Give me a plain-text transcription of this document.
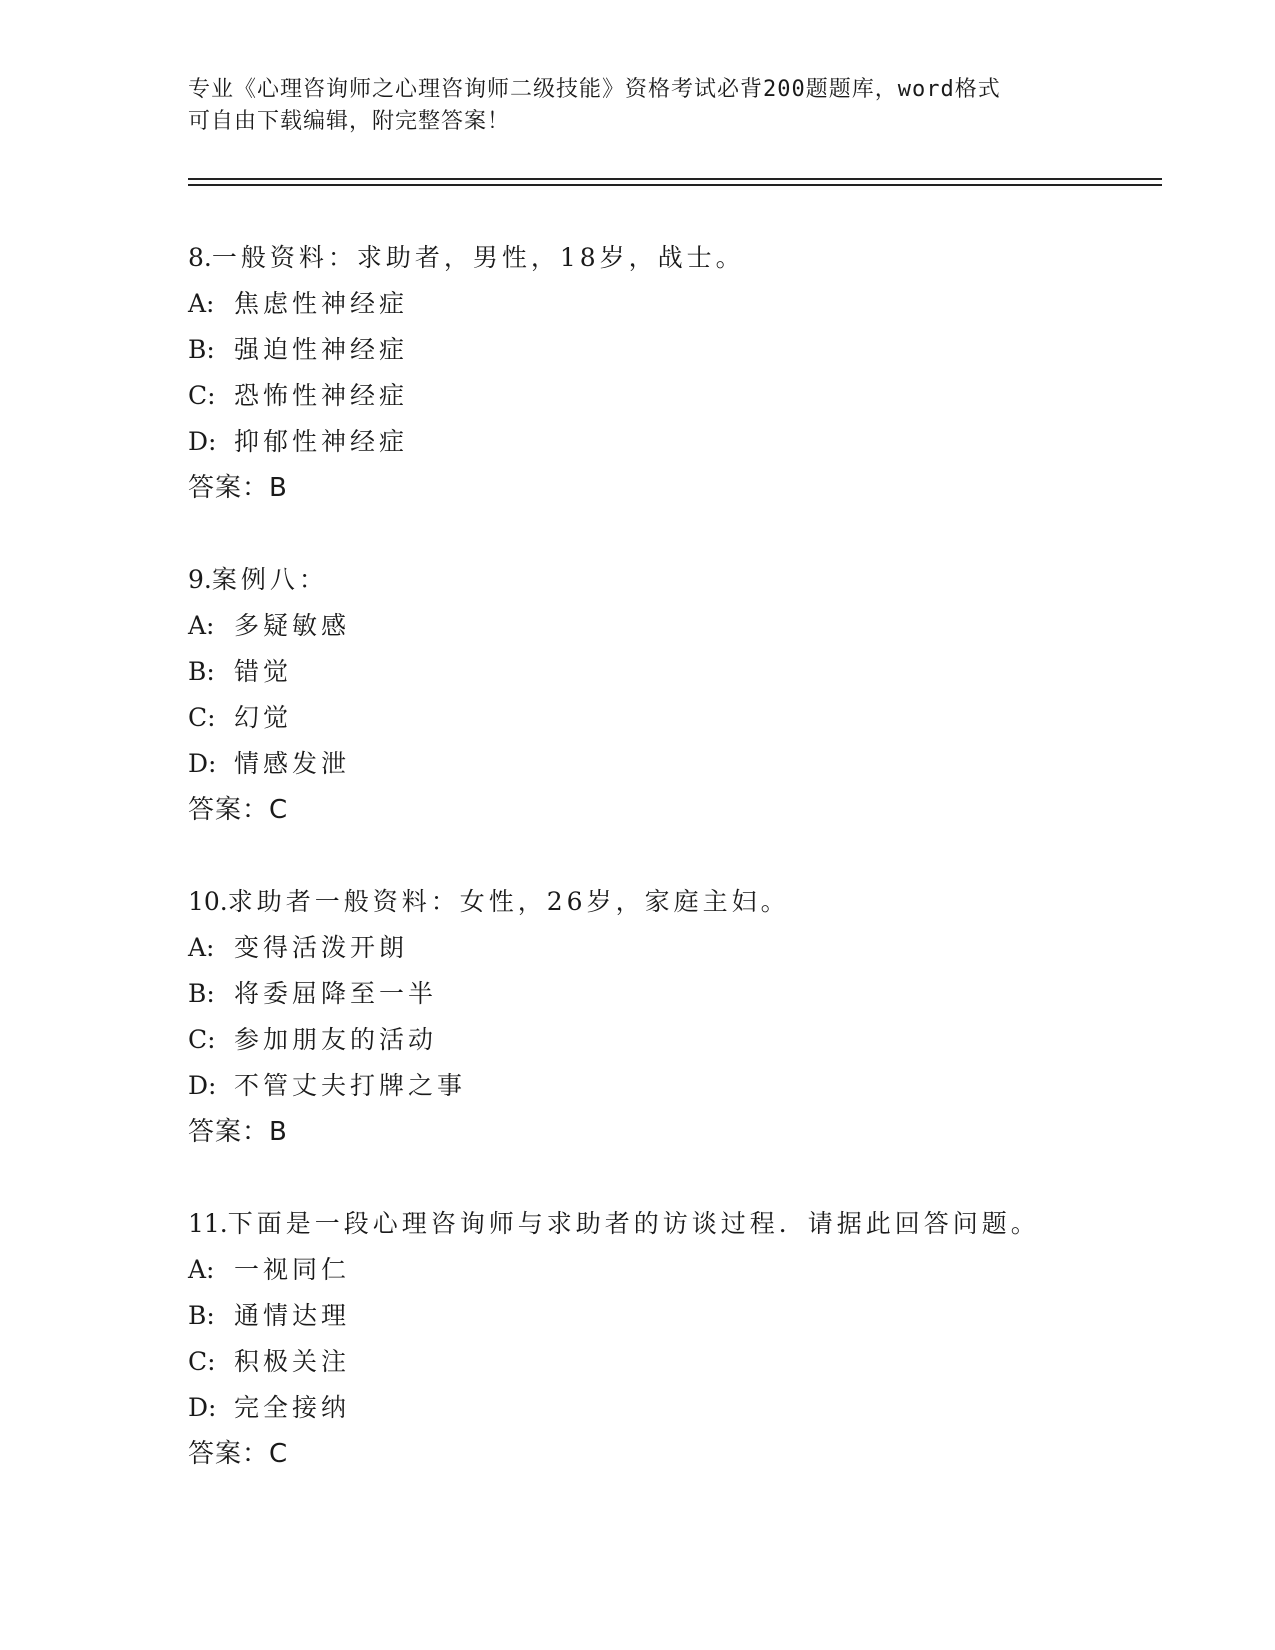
专业《心理咨询师之心理咨询师二级技能》资格考试必背200题题库，word格式
可自由下载编辑，附完整答案！
8.一般资料：求助者，男性，18岁，战士。
A: 焦虑性神经症
B: 强迫性神经症
C: 恐怖性神经症
D: 抑郁性神经症
答案：B
9.案例八：
A: 多疑敏感
B: 错觉
C: 幻觉
D: 情感发泄
答案：C
10.求助者一般资料：女性，26岁，家庭主妇。
A: 变得活泼开朗
B: 将委屈降至一半
C: 参加朋友的活动
D: 不管丈夫打牌之事
答案：B
11.下面是一段心理咨询师与求助者的访谈过程．请据此回答问题。
A: 一视同仁
B: 通情达理
C: 积极关注
D: 完全接纳
答案：C
